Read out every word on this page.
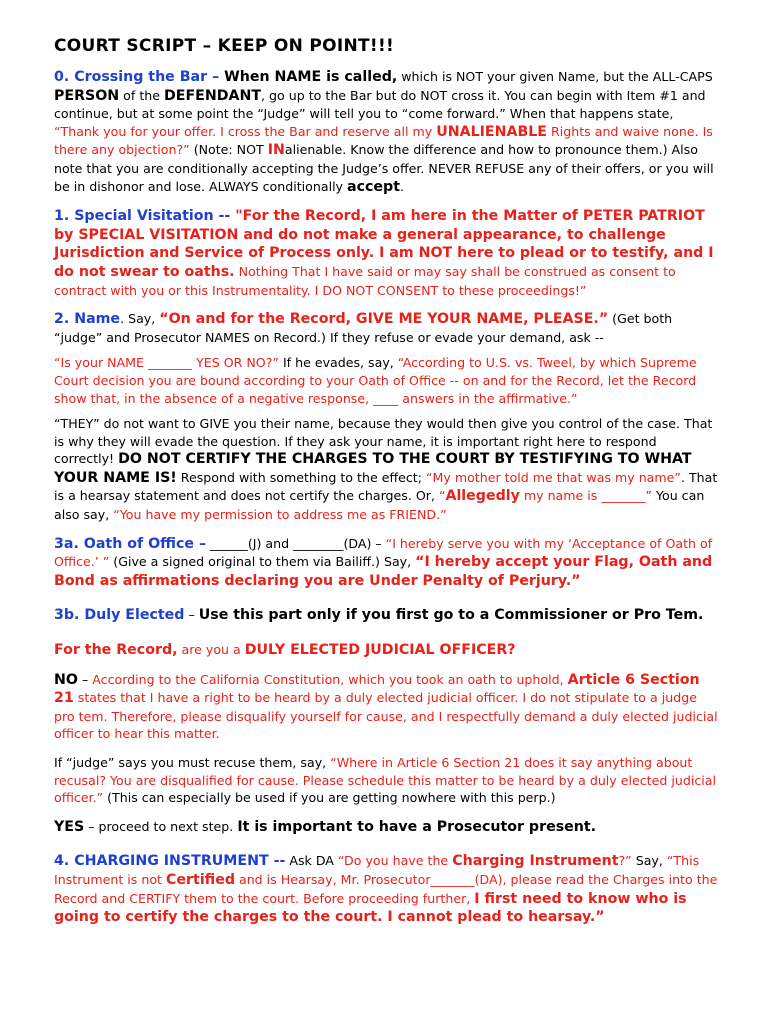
COURT SCRIPT – KEEP ON POINT!!!

0. Crossing the Bar – When NAME is called, which is NOT your given Name, but the ALL-CAPS PERSON of the DEFENDANT, go up to the Bar but do NOT cross it. You can begin with Item #1 and continue, but at some point the “Judge” will tell you to “come forward.” When that happens state, “Thank you for your offer. I cross the Bar and reserve all my UNALIENABLE Rights and waive none. Is there any objection?” (Note: NOT INalienable. Know the difference and how to pronounce them.) Also note that you are conditionally accepting the Judge’s offer. NEVER REFUSE any of their offers, or you will be in dishonor and lose. ALWAYS conditionally accept.

1. Special Visitation -- "For the Record, I am here in the Matter of PETER PATRIOT by SPECIAL VISITATION and do not make a general appearance, to challenge Jurisdiction and Service of Process only. I am NOT here to plead or to testify, and I do not swear to oaths. Nothing That I have said or may say shall be construed as consent to contract with you or this Instrumentality. I DO NOT CONSENT to these proceedings!”

2. Name. Say, “On and for the Record, GIVE ME YOUR NAME, PLEASE.” (Get both “judge” and Prosecutor NAMES on Record.) If they refuse or evade your demand, ask --

“Is your NAME _______ YES OR NO?” If he evades, say, “According to U.S. vs. Tweel, by which Supreme Court decision you are bound according to your Oath of Office -- on and for the Record, let the Record show that, in the absence of a negative response, ____ answers in the affirmative.”

“THEY” do not want to GIVE you their name, because they would then give you control of the case. That is why they will evade the question. If they ask your name, it is important right here to respond correctly! DO NOT CERTIFY THE CHARGES TO THE COURT BY TESTIFYING TO WHAT YOUR NAME IS! Respond with something to the effect; “My mother told me that was my name”. That is a hearsay statement and does not certify the charges. Or, “Allegedly my name is _______” You can also say, “You have my permission to address me as FRIEND.”

3a. Oath of Office – ______(J) and ________(DA) – “I hereby serve you with my ‘Acceptance of Oath of Office.’ ” (Give a signed original to them via Bailiff.) Say, “I hereby accept your Flag, Oath and Bond as affirmations declaring you are Under Penalty of Perjury.”

3b. Duly Elected – Use this part only if you first go to a Commissioner or Pro Tem.

For the Record, are you a DULY ELECTED JUDICIAL OFFICER?

NO – According to the California Constitution, which you took an oath to uphold, Article 6 Section 21 states that I have a right to be heard by a duly elected judicial officer. I do not stipulate to a judge pro tem. Therefore, please disqualify yourself for cause, and I respectfully demand a duly elected judicial officer to hear this matter.

If “judge” says you must recuse them, say, “Where in Article 6 Section 21 does it say anything about recusal? You are disqualified for cause. Please schedule this matter to be heard by a duly elected judicial officer.” (This can especially be used if you are getting nowhere with this perp.)

YES – proceed to next step. It is important to have a Prosecutor present.

4. CHARGING INSTRUMENT -- Ask DA “Do you have the Charging Instrument?” Say, “This Instrument is not Certified and is Hearsay, Mr. Prosecutor_______(DA), please read the Charges into the Record and CERTIFY them to the court. Before proceeding further, I first need to know who is going to certify the charges to the court. I cannot plead to hearsay.”
